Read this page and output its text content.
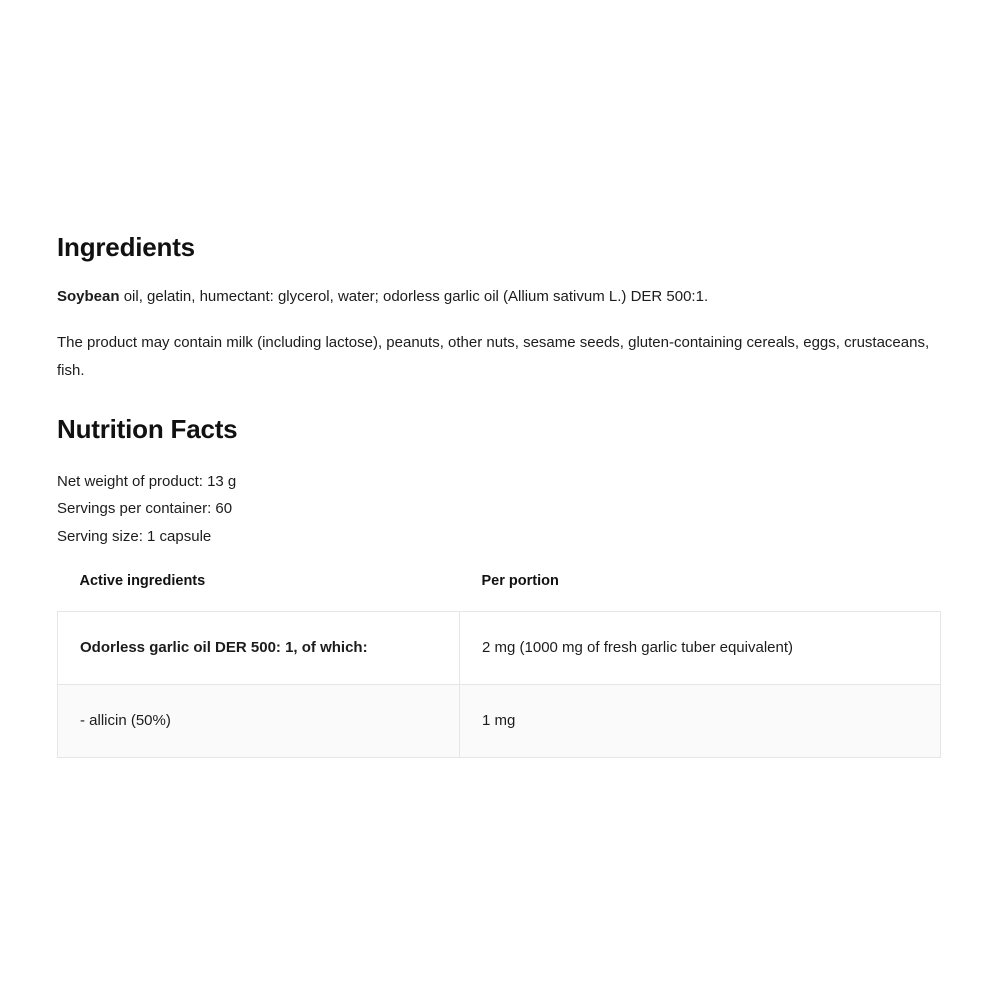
Ingredients

Soybean oil, gelatin, humectant: glycerol, water; odorless garlic oil (Allium sativum L.) DER 500:1.

The product may contain milk (including lactose), peanuts, other nuts, sesame seeds, gluten-containing cereals, eggs, crustaceans, fish.

Nutrition Facts
Net weight of product: 13 g
Servings per container: 60
Serving size: 1 capsule
Active ingredients	Per portion
Odorless garlic oil DER 500: 1, of which:	2 mg (1000 mg of fresh garlic tuber equivalent)
- allicin (50%)	1 mg
